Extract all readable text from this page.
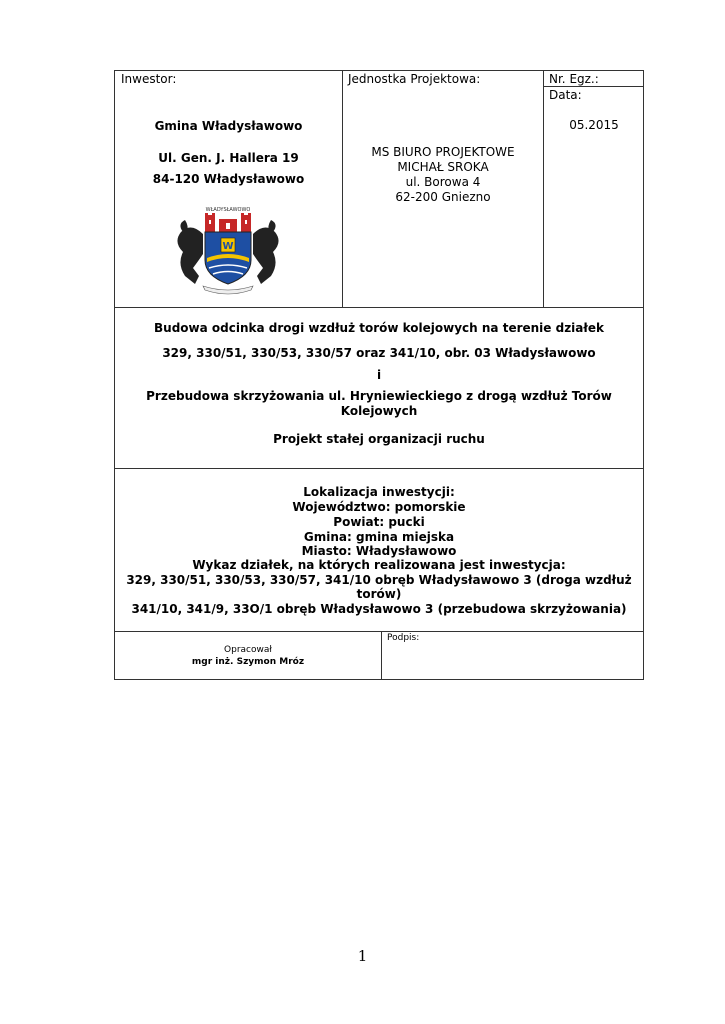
Inwestor:
Gmina Władysławowo
Ul. Gen. J. Hallera 19
84-120 Władysławowo
WŁADYSŁAWOWO
W
Jednostka Projektowa:
MS BIURO PROJEKTOWE
MICHAŁ SROKA
ul. Borowa 4
62-200 Gniezno
Nr. Egz.:
Data:
05.2015
Budowa odcinka drogi wzdłuż torów kolejowych na terenie działek
329, 330/51, 330/53, 330/57 oraz 341/10, obr. 03 Władysławowo
i
Przebudowa skrzyżowania ul. Hryniewieckiego z drogą wzdłuż Torów Kolejowych
Projekt stałej organizacji ruchu
Lokalizacja inwestycji:
Województwo: pomorskie
Powiat: pucki
Gmina: gmina miejska
Miasto: Władysławowo
Wykaz działek, na których realizowana jest inwestycja:
329, 330/51, 330/53, 330/57, 341/10 obręb Władysławowo 3 (droga wzdłuż
torów)
341/10, 341/9, 33O/1 obręb Władysławowo 3 (przebudowa skrzyżowania)
Opracował
mgr inż. Szymon Mróz
Podpis:
1
